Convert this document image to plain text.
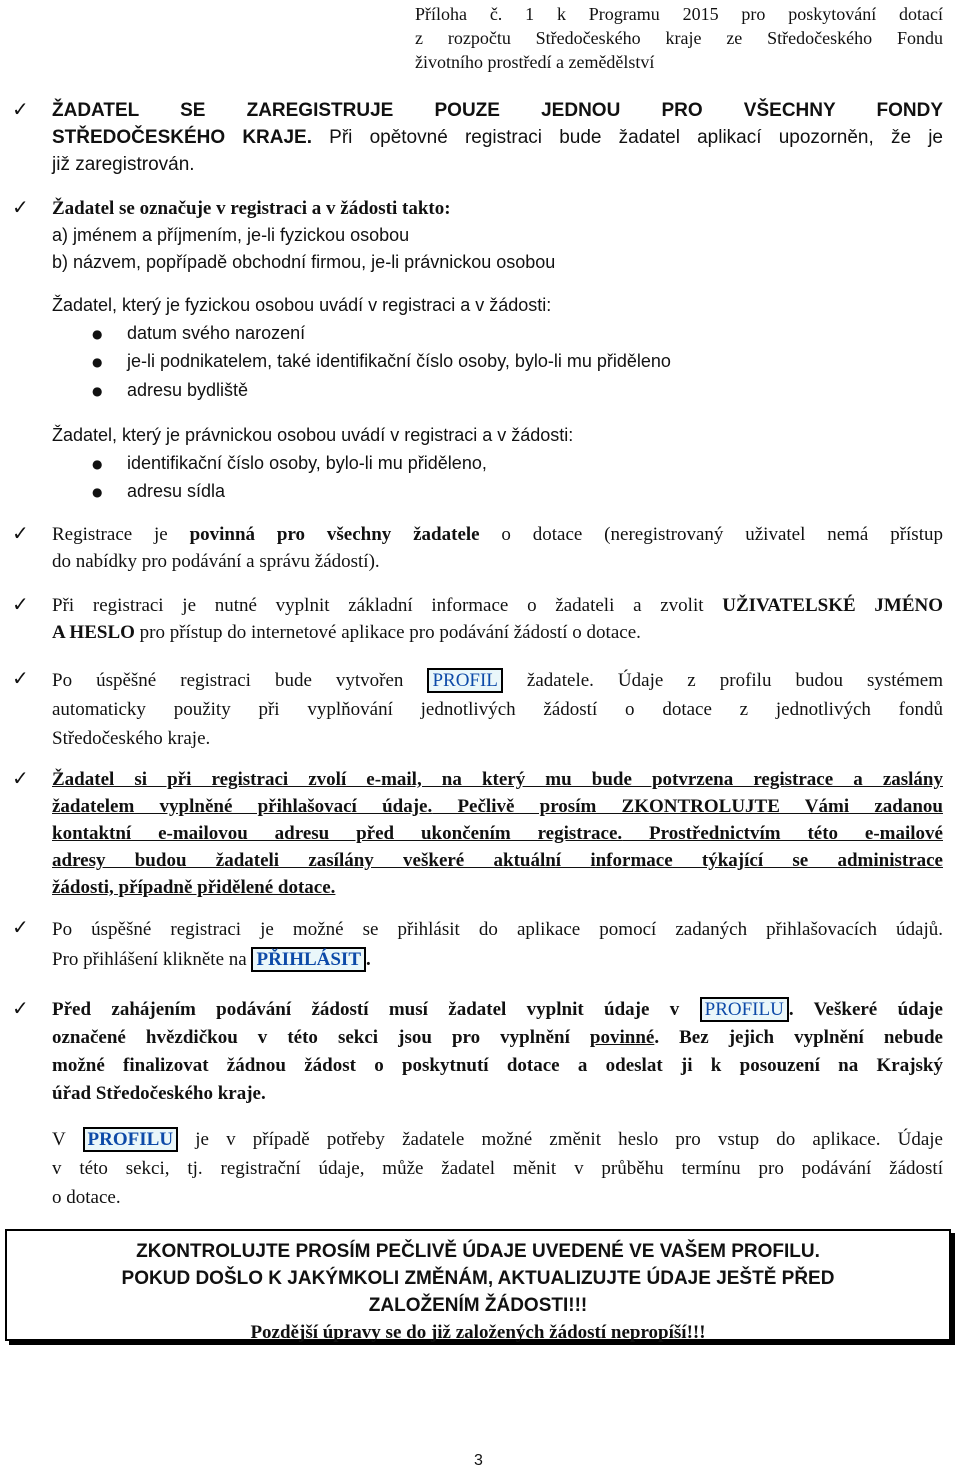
Příloha č. 1 k Programu 2015 pro poskytování dotací
z rozpočtu Středočeského kraje ze Středočeského Fondu
životního prostředí a zemědělství
✓ ŽADATEL SE ZAREGISTRUJE POUZE JEDNOU PRO VŠECHNY FONDY
STŘEDOČESKÉHO KRAJE. Při opětovné registraci bude žadatel aplikací upozorněn, že je
již zaregistrován.
✓ Žadatel se označuje v registraci a v žádosti takto:
a) jménem a příjmením, je-li fyzickou osobou
b) názvem, popřípadě obchodní firmou, je-li právnickou osobou
Žadatel, který je fyzickou osobou uvádí v registraci a v žádosti:
● datum svého narození
● je-li podnikatelem, také identifikační číslo osoby, bylo-li mu přiděleno
● adresu bydliště
Žadatel, který je právnickou osobou uvádí v registraci a v žádosti:
● identifikační číslo osoby, bylo-li mu přiděleno,
● adresu sídla
✓ Registrace je povinná pro všechny žadatele o dotace (neregistrovaný uživatel nemá přístup
do nabídky pro podávání a správu žádostí).
✓ Při registraci je nutné vyplnit základní informace o žadateli a zvolit UŽIVATELSKÉ JMÉNO
A HESLO pro přístup do internetové aplikace pro podávání žádostí o dotace.
✓ Po úspěšné registraci bude vytvořen PROFIL žadatele. Údaje z profilu budou systémem
automaticky použity při vyplňování jednotlivých žádostí o dotace z jednotlivých fondů
Středočeského kraje.
✓ Žadatel si při registraci zvolí e-mail, na který mu bude potvrzena registrace a zaslány
žadatelem vyplněné přihlašovací údaje. Pečlivě prosím ZKONTROLUJTE Vámi zadanou
kontaktní e-mailovou adresu před ukončením registrace. Prostřednictvím této e-mailové
adresy budou žadateli zasílány veškeré aktuální informace týkající se administrace
žádosti, případně přidělené dotace.
✓ Po úspěšné registraci je možné se přihlásit do aplikace pomocí zadaných přihlašovacích údajů.
Pro přihlášení klikněte na PŘIHLÁSIT .
✓ Před zahájením podávání žádostí musí žadatel vyplnit údaje v PROFILU . Veškeré údaje
označené hvězdičkou v této sekci jsou pro vyplnění povinné. Bez jejich vyplnění nebude
možné finalizovat žádnou žádost o poskytnutí dotace a odeslat ji k posouzení na Krajský
úřad Středočeského kraje.
V PROFILU je v případě potřeby žadatele možné změnit heslo pro vstup do aplikace. Údaje
v této sekci, tj. registrační údaje, může žadatel měnit v průběhu termínu pro podávání žádostí
o dotace.
ZKONTROLUJTE PROSÍM PEČLIVĚ ÚDAJE UVEDENÉ VE VAŠEM PROFILU.
POKUD DOŠLO K JAKÝMKOLI ZMĚNÁM, AKTUALIZUJTE ÚDAJE JEŠTĚ PŘED
ZALOŽENÍM ŽÁDOSTI!!!
Pozdější úpravy se do již založených žádostí nepropíší!!!
3
